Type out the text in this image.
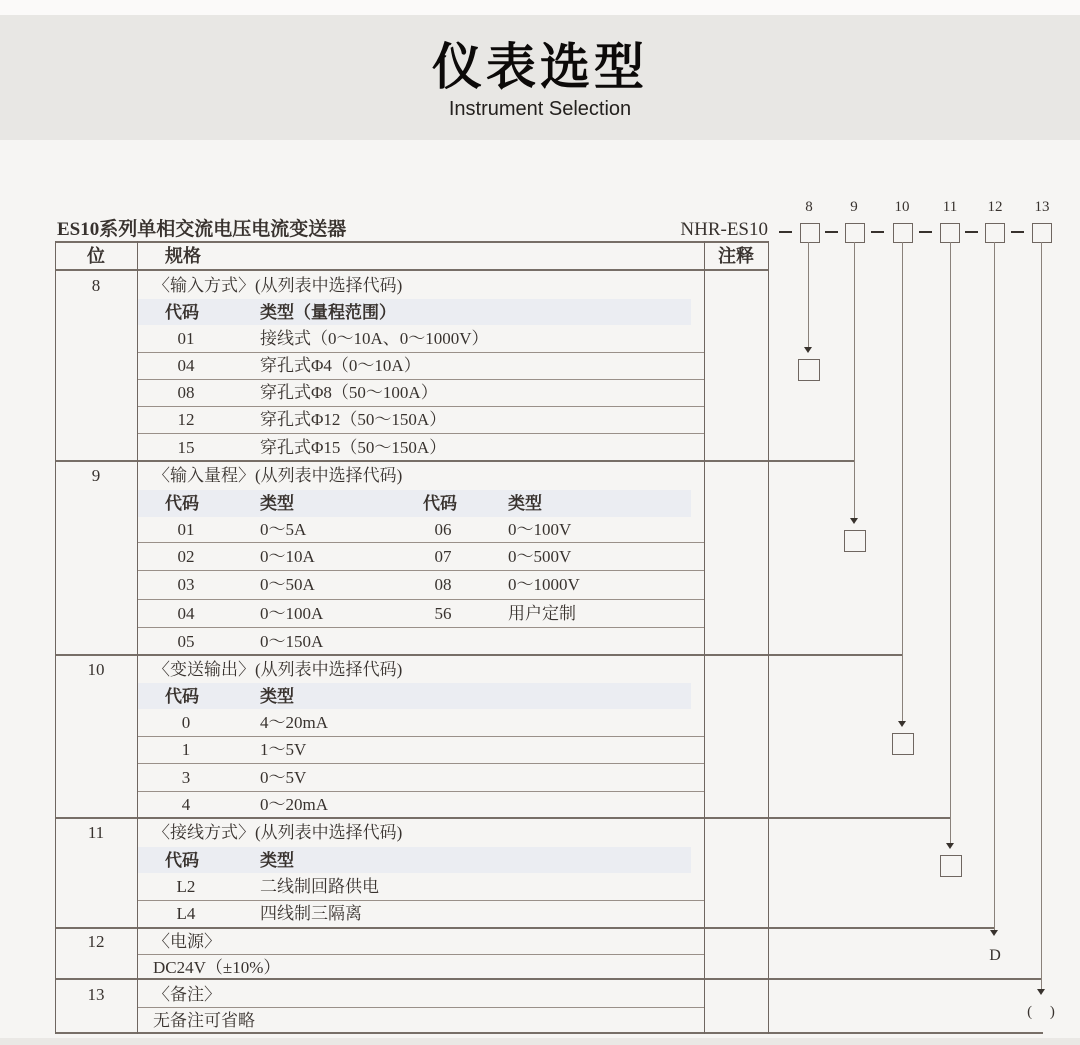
仪表选型
Instrument Selection
ES10系列单相交流电压电流变送器	NHR-ES10
8	9	10	11	12	13
位	规格	注释
8	〈输入方式〉(从列表中选择代码)
代码	类型（量程范围）
01	接线式（0～10A、0～1000V）
04	穿孔式Φ4（0～10A）
08	穿孔式Φ8（50～100A）
12	穿孔式Φ12（50～150A）
15	穿孔式Φ15（50～150A）
9	〈输入量程〉(从列表中选择代码)
代码	类型	代码	类型
01	0～5A	06	0～100V
02	0～10A	07	0～500V
03	0～50A	08	0～1000V
04	0～100A	56	用户定制
05	0～150A
10	〈变送输出〉(从列表中选择代码)
代码	类型
0	4～20mA
1	1～5V
3	0～5V
4	0～20mA
11	〈接线方式〉(从列表中选择代码)
代码	类型
L2	二线制回路供电
L4	四线制三隔离
12	〈电源〉
DC24V（±10%）
13	〈备注〉
无备注可省略
D
( )
